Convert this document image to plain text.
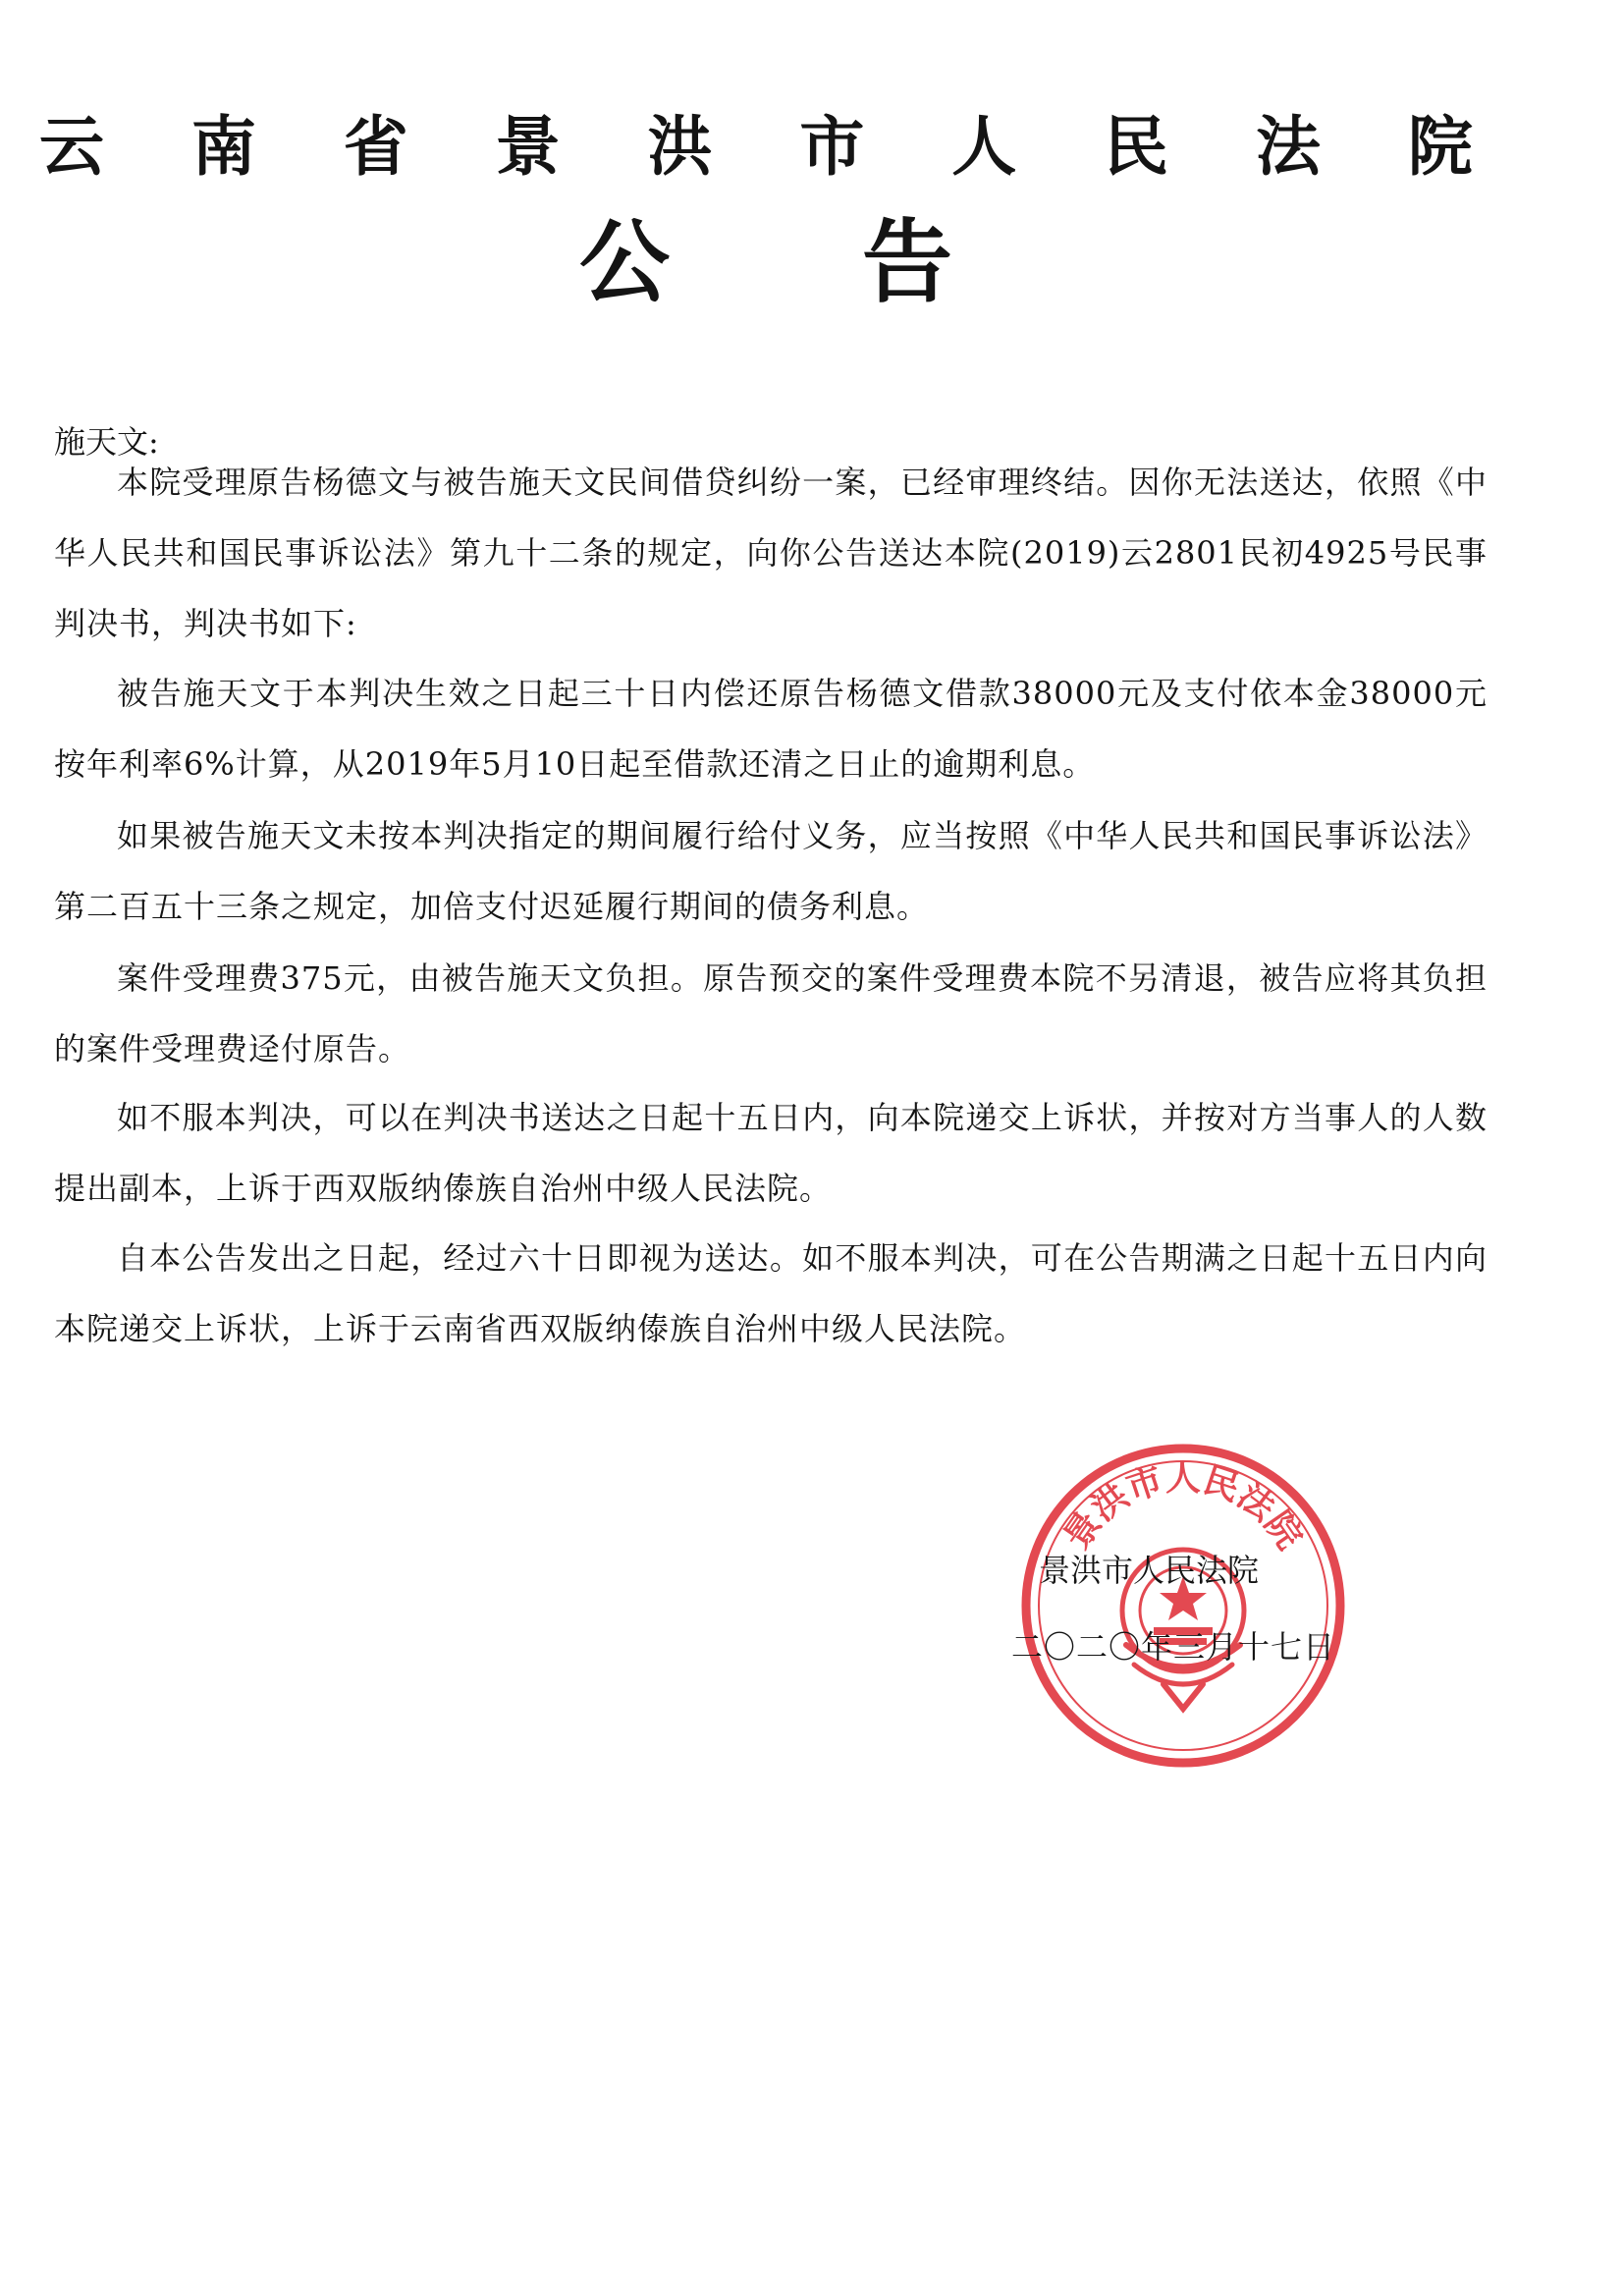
云 南 省 景 洪 市 人 民 法 院
公 告
施天文:
本院受理原告杨德文与被告施天文民间借贷纠纷一案，已经审理终结。因你无法送达，依照《中华人民共和国民事诉讼法》第九十二条的规定，向你公告送达本院(2019)云2801民初4925号民事判决书，判决书如下:
被告施天文于本判决生效之日起三十日内偿还原告杨德文借款38000元及支付依本金38000元按年利率6%计算，从2019年5月10日起至借款还清之日止的逾期利息。
如果被告施天文未按本判决指定的期间履行给付义务，应当按照《中华人民共和国民事诉讼法》第二百五十三条之规定，加倍支付迟延履行期间的债务利息。
案件受理费375元，由被告施天文负担。原告预交的案件受理费本院不另清退，被告应将其负担的案件受理费迳付原告。
如不服本判决，可以在判决书送达之日起十五日内，向本院递交上诉状，并按对方当事人的人数提出副本，上诉于西双版纳傣族自治州中级人民法院。
自本公告发出之日起，经过六十日即视为送达。如不服本判决，可在公告期满之日起十五日内向本院递交上诉状，上诉于云南省西双版纳傣族自治州中级人民法院。
景洪市人民法院
景洪市人民法院
二〇二〇年三月十七日
